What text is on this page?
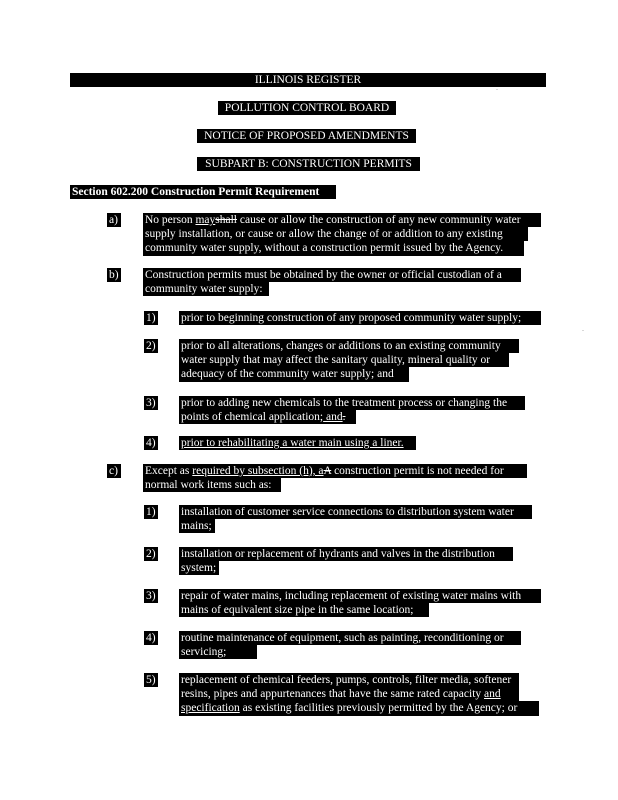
ILLINOIS REGISTER
POLLUTION CONTROL BOARD
NOTICE OF PROPOSED AMENDMENTS
SUBPART B: CONSTRUCTION PERMITS
Section 602.200 Construction Permit Requirement
a) No person mayshall cause or allow the construction of any new community water
supply installation, or cause or allow the change of or addition to any existing
community water supply, without a construction permit issued by the Agency.
b) Construction permits must be obtained by the owner or official custodian of a
community water supply:
1) prior to beginning construction of any proposed community water supply;
2) prior to all alterations, changes or additions to an existing community
water supply that may affect the sanitary quality, mineral quality or
adequacy of the community water supply; and
3) prior to adding new chemicals to the treatment process or changing the
points of chemical application; and.
4) prior to rehabilitating a water main using a liner.
c) Except as required by subsection (h), aA construction permit is not needed for
normal work items such as:
1) installation of customer service connections to distribution system water
mains;
2) installation or replacement of hydrants and valves in the distribution
system;
3) repair of water mains, including replacement of existing water mains with
mains of equivalent size pipe in the same location;
4) routine maintenance of equipment, such as painting, reconditioning or
servicing;
5) replacement of chemical feeders, pumps, controls, filter media, softener
resins, pipes and appurtenances that have the same rated capacity and
specification as existing facilities previously permitted by the Agency; or
